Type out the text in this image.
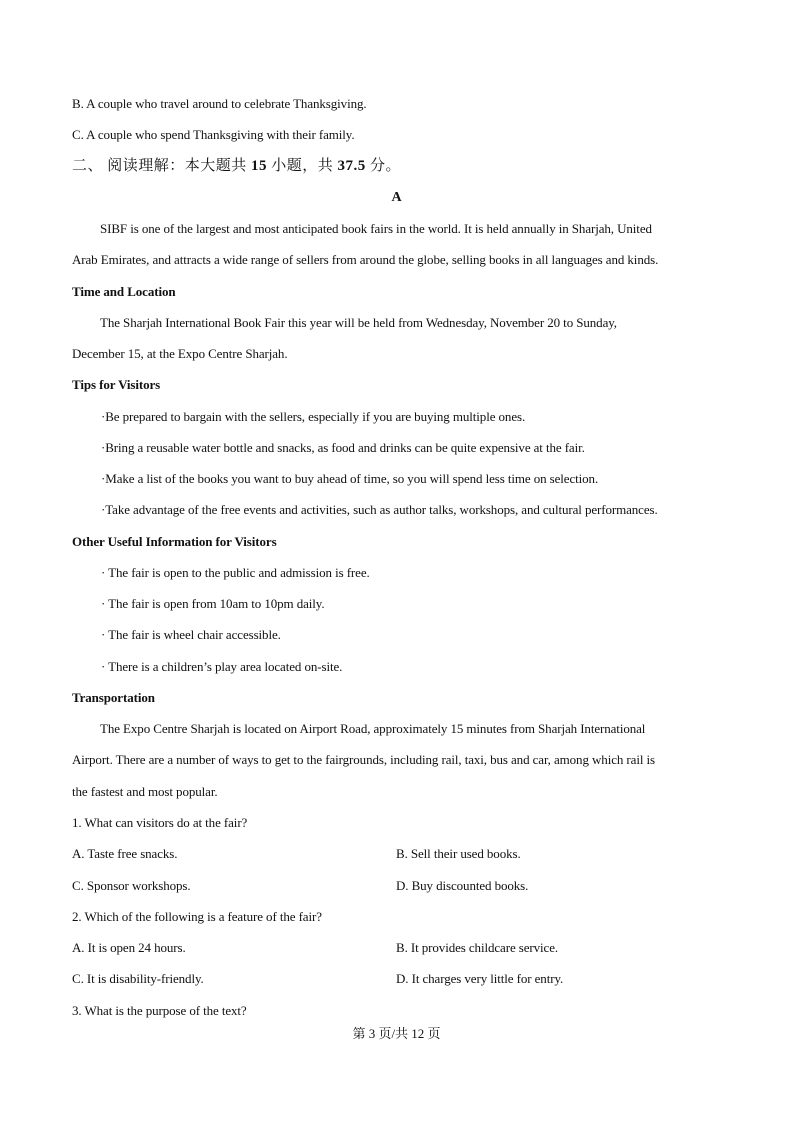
B. A couple who travel around to celebrate Thanksgiving.
C. A couple who spend Thanksgiving with their family.
二、 阅读理解：本大题共 15 小题，共 37.5 分。
A
SIBF is one of the largest and most anticipated book fairs in the world. It is held annually in Sharjah, United
Arab Emirates, and attracts a wide range of sellers from around the globe, selling books in all languages and kinds.
Time and Location
The Sharjah International Book Fair this year will be held from Wednesday, November 20 to Sunday,
December 15, at the Expo Centre Sharjah.
Tips for Visitors
·Be prepared to bargain with the sellers, especially if you are buying multiple ones.
·Bring a reusable water bottle and snacks, as food and drinks can be quite expensive at the fair.
·Make a list of the books you want to buy ahead of time, so you will spend less time on selection.
·Take advantage of the free events and activities, such as author talks, workshops, and cultural performances.
Other Useful Information for Visitors
· The fair is open to the public and admission is free.
· The fair is open from 10am to 10pm daily.
· The fair is wheel chair accessible.
· There is a children’s play area located on-site.
Transportation
The Expo Centre Sharjah is located on Airport Road, approximately 15 minutes from Sharjah International
Airport. There are a number of ways to get to the fairgrounds, including rail, taxi, bus and car, among which rail is
the fastest and most popular.
1. What can visitors do at the fair?
A. Taste free snacks.	B. Sell their used books.
C. Sponsor workshops.	D. Buy discounted books.
2. Which of the following is a feature of the fair?
A. It is open 24 hours.	B. It provides childcare service.
C. It is disability-friendly.	D. It charges very little for entry.
3. What is the purpose of the text?
第 3 页/共 12 页
